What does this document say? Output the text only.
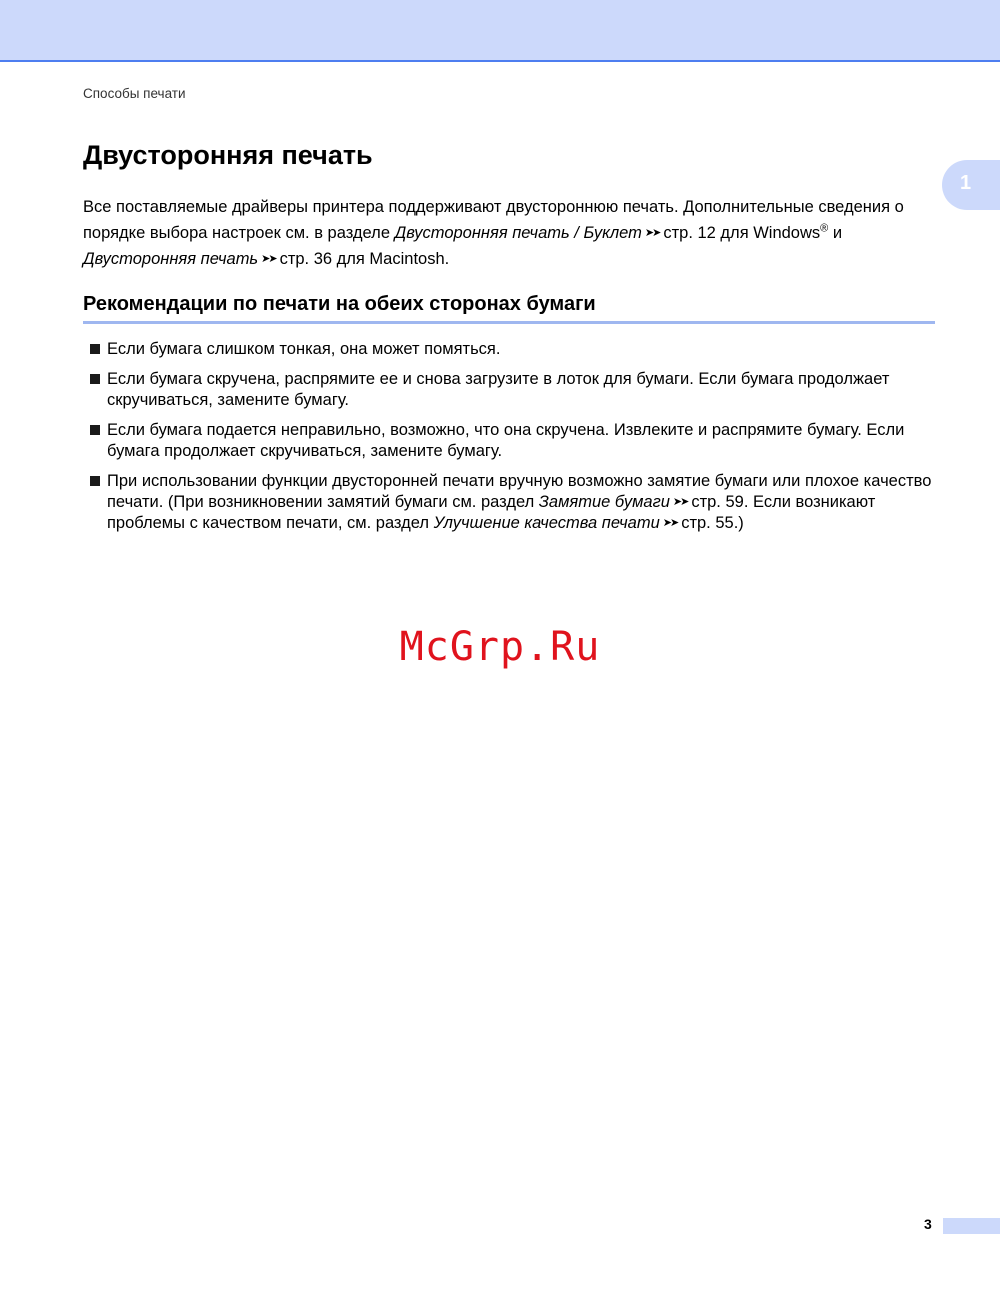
Способы печати
1
Двусторонняя печать

Все поставляемые драйверы принтера поддерживают двустороннюю печать. Дополнительные сведения о порядке выбора настроек см. в разделе Двусторонняя печать / Буклет ➤➤ стр. 12 для Windows® и Двусторонняя печать ➤➤ стр. 36 для Macintosh.

Рекомендации по печати на обеих сторонах бумаги
Если бумага слишком тонкая, она может помяться.
Если бумага скручена, распрямите ее и снова загрузите в лоток для бумаги. Если бумага продолжает скручиваться, замените бумагу.
Если бумага подается неправильно, возможно, что она скручена. Извлеките и распрямите бумагу. Если бумага продолжает скручиваться, замените бумагу.
При использовании функции двусторонней печати вручную возможно замятие бумаги или плохое качество печати. (При возникновении замятий бумаги см. раздел Замятие бумаги ➤➤ стр. 59. Если возникают проблемы с качеством печати, см. раздел Улучшение качества печати ➤➤ стр. 55.)
McGrp.Ru
3
